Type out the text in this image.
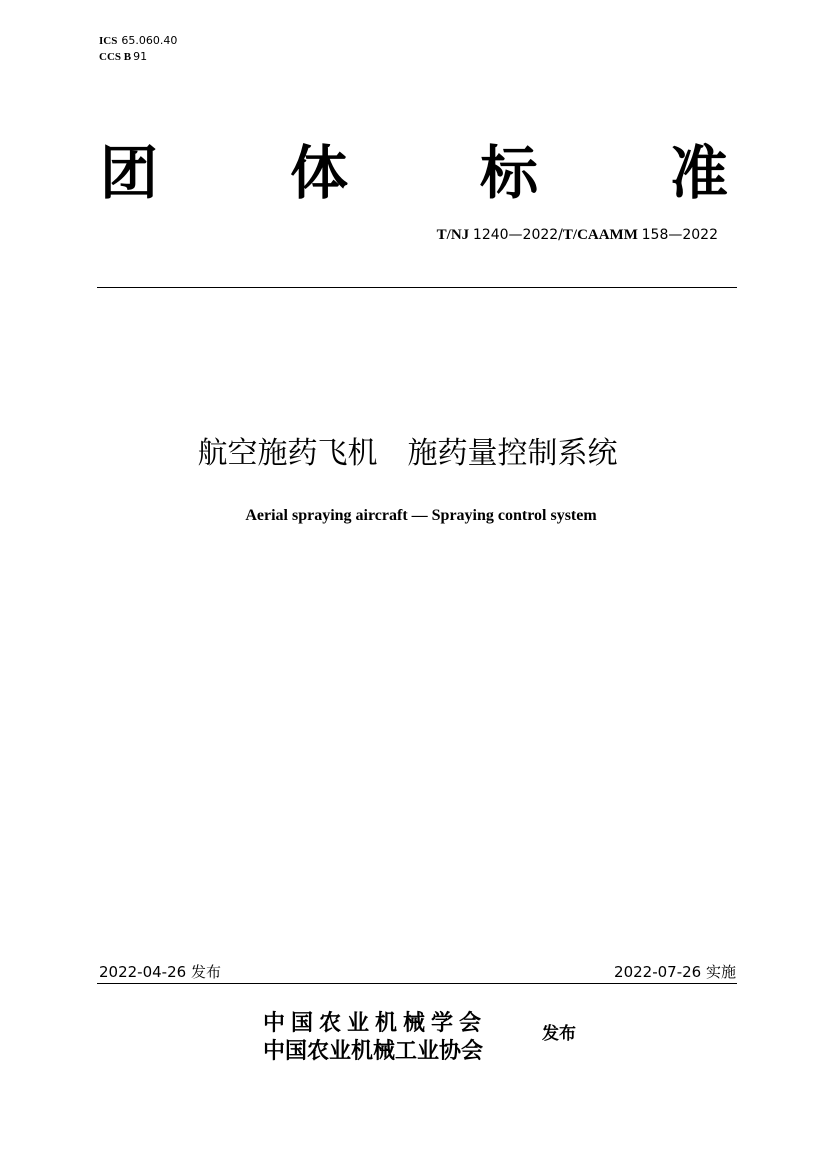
ICS 65.060.40
CCS B 91
团 体 标 准
T/NJ 1240—2022/T/CAAMM 158—2022
航空施药飞机　施药量控制系统
Aerial spraying aircraft — Spraying control system
2022-04-26 发布	2022-07-26 实施
中国农业机械学会
中国农业机械工业协会
发布
